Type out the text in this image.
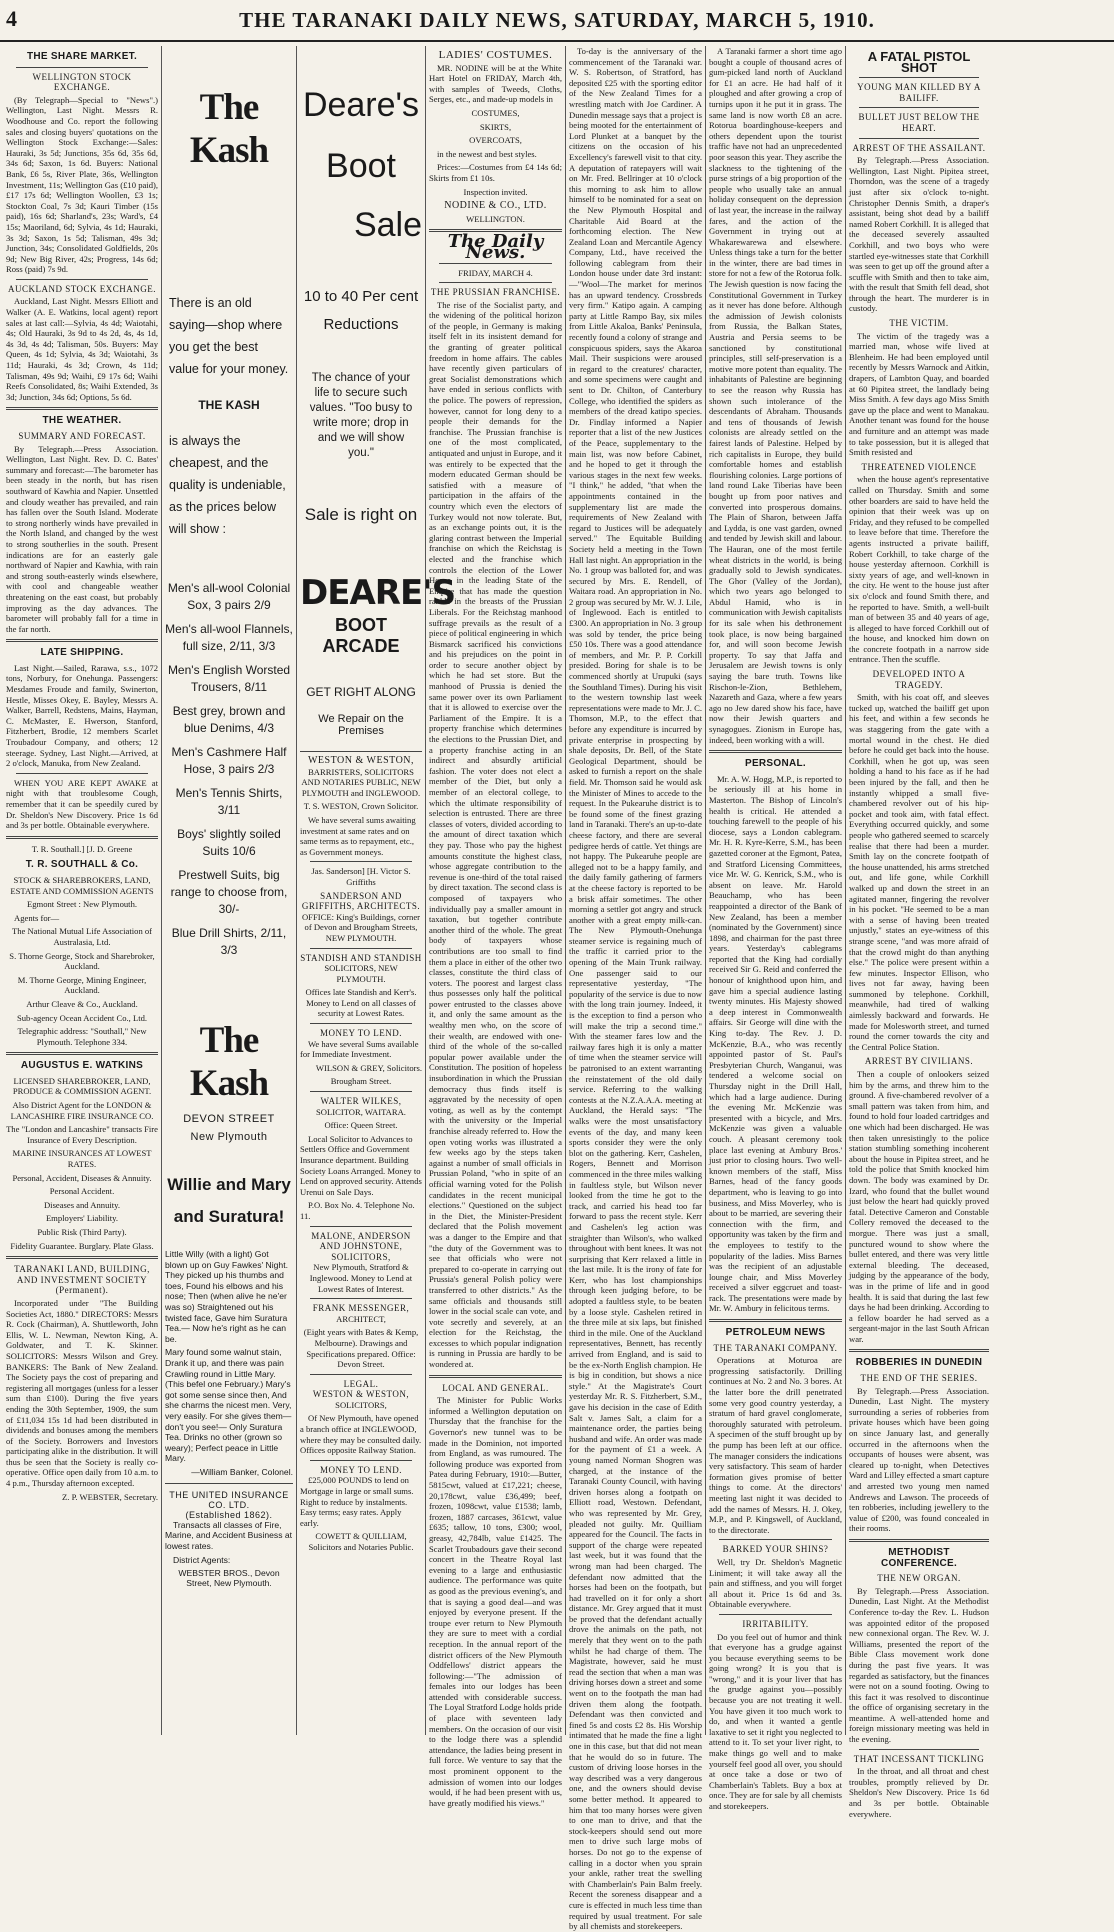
4	THE TARANAKI DAILY NEWS, SATURDAY, MARCH 5, 1910.
THE SHARE MARKET.
WELLINGTON STOCK EXCHANGE.

(By Telegraph—Special to "News".) Wellington, Last Night. Messrs R. Woodhouse and Co. report the following sales and closing buyers' quotations on the Wellington Stock Exchange:—Sales: Hauraki, 3s 5d; Junctions, 35s 6d, 35s 6d, 34s 6d; Saxon, 1s 6d. Buyers: National Bank, £6 5s, River Plate, 36s, Wellington Investment, 11s; Wellington Gas (£10 paid), £17 17s 6d; Wellington Woollen, £3 1s; Stockton Coal, 7s 3d; Kauri Timber (15s paid), 16s 6d; Sharland's, 23s; Ward's, £4 15s; Maoriland, 6d; Sylvia, 4s 1d; Hauraki, 3s 3d; Saxon, 1s 5d; Talisman, 49s 3d; Junction, 34s; Consolidated Goldfields, 20s 9d; New Big River, 42s; Progress, 14s 6d; Ross (paid) 7s 9d.

AUCKLAND STOCK EXCHANGE.

Auckland, Last Night. Messrs Elliott and Walker (A. E. Watkins, local agent) report sales at last call:—Sylvia, 4s 4d; Waiotahi, 4s; Old Hauraki, 3s 9d to 4s 2d, 4s, 4s 1d, 4s 3d, 4s 4d; Talisman, 50s. Buyers: May Queen, 4s 1d; Sylvia, 4s 3d; Waiotahi, 3s 11d; Hauraki, 4s 3d; Crown, 4s 11d; Talisman, 49s 9d; Waihi, £9 17s 6d; Waihi Reefs Consolidated, 8s; Waihi Extended, 3s 3d; Junction, 34s 6d; Options, 5s 6d.

THE WEATHER.
SUMMARY AND FORECAST.

By Telegraph.—Press Association. Wellington, Last Night. Rev. D. C. Bates' summary and forecast:—The barometer has been steady in the north, but has risen southward of Kawhia and Napier. Unsettled and cloudy weather has prevailed, and rain has fallen over the South Island. Moderate to strong northerly winds have prevailed in the North Island, and changed by the west to strong southerlies in the south. Present indications are for an easterly gale northward of Napier and Kawhia, with rain and strong south-easterly winds elsewhere, with cool and changeable weather threatening on the east coast, but probably improving as the day advances. The barometer will probably fall for a time in the far north.

LATE SHIPPING.

Last Night.—Sailed, Rarawa, s.s., 1072 tons, Norbury, for Onehunga. Passengers: Mesdames Froude and family, Swinerton, Hestle, Misses Okey, E. Bayley, Messrs A. Walker, Barrell, Redstens, Mains, Hayman, C. McMaster, E. Hwerson, Stanford, Fitzherbert, Brodie, 12 members Scarlet Troubadour Company, and others; 12 steerage. Sydney, Last Night.—Arrived, at 2 o'clock, Manuka, from New Zealand.

WHEN YOU ARE KEPT AWAKE at night with that troublesome Cough, remember that it can be speedily cured by Dr. Sheldon's New Discovery. Price 1s 6d and 3s per bottle. Obtainable everywhere.

T. R. Southall.] [J. D. Greene

T. R. SOUTHALL & Co.

STOCK & SHAREBROKERS, LAND, ESTATE AND COMMISSION AGENTS

Egmont Street : New Plymouth.

Agents for—

The National Mutual Life Association of Australasia, Ltd.

S. Thorne George, Stock and Sharebroker, Auckland.

M. Thorne George, Mining Engineer, Auckland.

Arthur Cleave & Co., Auckland.

Sub-agency Ocean Accident Co., Ltd.

Telegraphic address: "Southall," New Plymouth. Telephone 334.

AUGUSTUS E. WATKINS

LICENSED SHAREBROKER, LAND, PRODUCE & COMMISSION AGENT.

Also District Agent for the LONDON & LANCASHIRE FIRE INSURANCE CO.

The "London and Lancashire" transacts Fire Insurance of Every Description.

MARINE INSURANCES AT LOWEST RATES.

Personal, Accident, Diseases & Annuity.

Personal Accident.

Diseases and Annuity.

Employers' Liability.

Public Risk (Third Party).

Fidelity Guarantee. Burglary. Plate Glass.

TARANAKI LAND, BUILDING, AND INVESTMENT SOCIETY (Permanent).

Incorporated under "The Building Societies Act, 1880." DIRECTORS: Messrs R. Cock (Chairman), A. Shuttleworth, John Ellis, W. L. Newman, Newton King, A. Goldwater, and T. K. Skinner. SOLICITORS: Messrs Wilson and Grey. BANKERS: The Bank of New Zealand. The Society pays the cost of preparing and registering all mortgages (unless for a lesser sum than £100). During the five years ending the 30th September, 1909, the sum of £11,034 15s 1d had been distributed in dividends and bonuses among the members of the Society. Borrowers and Investors participating alike in the distribution. It will thus be seen that the Society is really co-operative. Office open daily from 10 a.m. to 4 p.m., Thursday afternoon excepted.

Z. P. WEBSTER, Secretary.

The Kash
There is an old saying—shop where you get the best value for your money.
THE KASH
is always the cheapest, and the quality is undeniable, as the prices below will show :
Men's all-wool Colonial Sox, 3 pairs 2/9
Men's all-wool Flannels, full size, 2/11, 3/3
Men's English Worsted Trousers, 8/11
Best grey, brown and blue Denims, 4/3
Men's Cashmere Half Hose, 3 pairs 2/3
Men's Tennis Shirts, 3/11
Boys' slightly soiled Suits 10/6
Prestwell Suits, big range to choose from, 30/-
Blue Drill Shirts, 2/11, 3/3
The Kash
DEVON STREET
New Plymouth
Willie and Mary and Suratura!

Little Willy (with a light) Got blown up on Guy Fawkes' Night. They picked up his thumbs and toes, Found his elbows and his nose; Then (when alive he ne'er was so) Straightened out his twisted face, Gave him Suratura Tea.— Now he's right as he can be.

Mary found some walnut stain, Drank it up, and there was pain Crawling round in Little Mary. (This befel one February.) Mary's got some sense since then, And she charms the nicest men. Very, very easily. For she gives them—don't you see!— Only Suratura Tea. Drinks no other (grown so weary); Perfect peace in Little Mary.

—William Banker, Colonel.

THE UNITED INSURANCE CO. LTD.
(Established 1862).

Transacts all classes of Fire, Marine, and Accident Business at lowest rates.

District Agents:

WEBSTER BROS., Devon Street, New Plymouth.

Deare's
Boot
Sale
10 to 40 Per cent Reductions
The chance of your life to secure such values. "Too busy to write more; drop in and we will show you."
Sale is right on
DEARE'S
BOOT ARCADE
GET RIGHT ALONG
We Repair on the Premises
WESTON & WESTON,

BARRISTERS, SOLICITORS AND NOTARIES PUBLIC, NEW PLYMOUTH and INGLEWOOD.

T. S. WESTON, Crown Solicitor.

We have several sums awaiting investment at same rates and on same terms as to repayment, etc., as Government moneys.

Jas. Sanderson] [H. Victor S. Griffiths

SANDERSON AND GRIFFITHS, ARCHITECTS.

OFFICE: King's Buildings, corner of Devon and Brougham Streets, NEW PLYMOUTH.

STANDISH AND STANDISH

SOLICITORS, NEW PLYMOUTH.

Offices late Standish and Kerr's. Money to Lend on all classes of security at Lowest Rates.

MONEY TO LEND.

We have several Sums available for Immediate Investment.

WILSON & GREY, Solicitors.

Brougham Street.

WALTER WILKES,

SOLICITOR, WAITARA.

Office: Queen Street.

Local Solicitor to Advances to Settlers Office and Government Insurance department. Building Society Loans Arranged. Money to Lend on approved security. Attends Urenui on Sale Days.

P.O. Box No. 4. Telephone No. 11.

MALONE, ANDERSON AND JOHNSTONE, SOLICITORS,

New Plymouth, Stratford & Inglewood. Money to Lend at Lowest Rates of Interest.

FRANK MESSENGER,

ARCHITECT,

(Eight years with Bates & Kemp, Melbourne). Drawings and Specifications prepared. Office: Devon Street.

LEGAL.
WESTON & WESTON,

SOLICITORS,

Of New Plymouth, have opened a branch office at INGLEWOOD, where they may be consulted daily. Offices opposite Railway Station.

MONEY TO LEND.

£25,000 POUNDS to lend on Mortgage in large or small sums. Right to reduce by instalments. Easy terms; easy rates. Apply early.

COWETT & QUILLIAM, Solicitors and Notaries Public.

LADIES' COSTUMES.

MR. NODINE will be at the White Hart Hotel on FRIDAY, March 4th, with samples of Tweeds, Cloths, Serges, etc., and made-up models in

COSTUMES,

SKIRTS,

OVERCOATS,

in the newest and best styles.

Prices:—Costumes from £4 14s 6d; Skirts from £1 10s.

Inspection invited.

NODINE & CO., LTD.

WELLINGTON.

The Daily News.

FRIDAY, MARCH 4.

THE PRUSSIAN FRANCHISE.

The rise of the Socialist party, and the widening of the political horizon of the people, in Germany is making itself felt in its insistent demand for the granting of greater political freedom in home affairs. The cables have recently given particulars of great Socialist demonstrations which have ended in serious conflicts with the police. The powers of repression, however, cannot for long deny to a people their demands for the franchise. The Prussian franchise is one of the most complicated, antiquated and unjust in Europe, and it was entirely to be expected that the modern educated German should be satisfied with a measure of participation in the affairs of the country which even the electors of Turkey would not now tolerate. But, as an exchange points out, it is the glaring contrast between the Imperial franchise on which the Reichstag is elected and the franchise which controls the election of the Lower House in the leading State of the Empire that has made the question rankle in the breasts of the Prussian Liberals. For the Reichstag manhood suffrage prevails as the result of a piece of political engineering in which Bismarck sacrificed his convictions and his prejudices on the point in order to secure another object by which he had set store. But the manhood of Prussia is denied the same power over its own Parliament that it is allowed to exercise over the Parliament of the Empire. It is a property franchise which determines the elections to the Prussian Diet, and a property franchise acting in an indirect and absurdly artificial fashion. The voter does not elect a member of the Diet, but only a member of an electoral college, to which the ultimate responsibility of selection is entrusted. There are three classes of voters, divided according to the amount of direct taxation which they pay. Those who pay the highest amounts constitute the highest class, whose aggregate contribution to the revenue is one-third of the total raised by direct taxation. The second class is composed of taxpayers who individually pay a smaller amount in taxation, but together contribute another third of the whole. The great body of taxpayers whose contributions are too small to find them a place in either of the other two classes, constitute the third class of voters. The poorest and largest class thus possesses only half the political power entrusted to the classes above it, and only the same amount as the wealthy men who, on the score of their wealth, are endowed with one-third of the whole of the so-called popular power available under the Constitution. The position of hopeless insubordination in which the Prussian democracy thus finds itself is aggravated by the necessity of open voting, as well as by the contempt with the university or the Imperial franchise already referred to. How the open voting works was illustrated a few weeks ago by the steps taken against a number of small officials in Prussian Poland, "who in spite of an official warning voted for the Polish candidates in the recent municipal elections." Questioned on the subject in the Diet, the Minister-President declared that the Polish movement was a danger to the Empire and that "the duty of the Government was to see that officials who were not prepared to co-operate in carrying out Prussia's general Polish policy were transferred to other districts." As the same officials and thousands still lower in the social scale can vote, and vote secretly and severely, at an election for the Reichstag, the excesses to which popular indignation is running in Prussia are hardly to be wondered at.

LOCAL AND GENERAL.

The Minister for Public Works informed a Wellington deputation on Thursday that the franchise for the Governor's new tunnel was to be made in the Dominion, not imported from England, as was rumoured. The following produce was exported from Patea during February, 1910:—Butter, 5815cwt, valued at £17,221; cheese, 20,178cwt, value £36,499; beef, frozen, 1098cwt, value £1538; lamb, frozen, 1887 carcases, 361cwt, value £635; tallow, 10 tons, £300; wool, greasy, 42,784lb, value £1425. The Scarlet Troubadours gave their second concert in the Theatre Royal last evening to a large and enthusiastic audience. The performance was quite as good as the previous evening's, and that is saying a good deal—and was enjoyed by everyone present. If the troupe ever return to New Plymouth they are sure to meet with a cordial reception. In the annual report of the district officers of the New Plymouth Oddfellows' district appears the following:—"The admission of females into our lodges has been attended with considerable success. The Loyal Stratford Lodge holds pride of place with seventeen lady members. On the occasion of our visit to the lodge there was a splendid attendance, the ladies being present in full force. We venture to say that the most prominent opponent to the admission of women into our lodges would, if he had been present with us, have greatly modified his views."

To-day is the anniversary of the commencement of the Taranaki war. W. S. Robertson, of Stratford, has deposited £25 with the sporting editor of the New Zealand Times for a wrestling match with Joe Cardiner. A Dunedin message says that a project is being mooted for the entertainment of Lord Plunket at a banquet by the citizens on the occasion of his Excellency's farewell visit to that city. A deputation of ratepayers will wait on Mr. Fred. Bellringer at 10 o'clock this morning to ask him to allow himself to be nominated for a seat on the New Plymouth Hospital and Charitable Aid Board at the forthcoming election. The New Zealand Loan and Mercantile Agency Company, Ltd., have received the following cablegram from their London house under date 3rd instant:—"Wool—The market for merinos has an upward tendency. Crossbreds very firm." Katipo again. A camping party at Little Rampo Bay, six miles from Little Akaloa, Banks' Peninsula, recently found a colony of strange and conspicuous spiders, says the Akaroa Mail. Their suspicions were aroused in regard to the creatures' character, and some specimens were caught and sent to Dr. Chilton, of Canterbury College, who identified the spiders as members of the dread katipo species. Dr. Findlay informed a Napier reporter that a list of the new Justices of the Peace, supplementary to the main list, was now before Cabinet, and he hoped to get it through the various stages in the next few weeks. "I think," he added, "that when the appointments contained in the supplementary list are made the requirements of New Zealand with regard to Justices will be adequately served." The Equitable Building Society held a meeting in the Town Hall last night. An appropriation in the No. 1 group was balloted for, and was secured by Mrs. E. Rendell, of Waitara road. An appropriation in No. 2 group was secured by Mr. W. J. Lile, of Inglewood. Each is entitled to £300. An appropriation in No. 3 group was sold by tender, the price being £50 10s. There was a good attendance of members, and Mr. P. P. Corkill presided. Boring for shale is to be commenced shortly at Urupuki (says the Southland Times). During his visit to the western township last week representations were made to Mr. J. C. Thomson, M.P., to the effect that before any expenditure is incurred by private enterprise in prospecting by shale deposits, Dr. Bell, of the State Geological Department, should be asked to furnish a report on the shale field. Mr. Thomson said he would ask the Minister of Mines to accede to the request. In the Pukearuhe district is to be found some of the finest grazing land in Taranaki. There's an up-to-date cheese factory, and there are several pedigree herds of cattle. Yet things are not happy. The Pukearuhe people are alleged not to be a happy family, and the daily family gathering of farmers at the cheese factory is reported to be a brisk affair sometimes. The other morning a settler got angry and struck another with a great empty milk-can. The New Plymouth-Onehunga steamer service is regaining much of the traffic it carried prior to the opening of the Main Trunk railway. One passenger said to our representative yesterday, "The popularity of the service is due to now with the long train journey. Indeed, it is the exception to find a person who will make the trip a second time." With the steamer fares low and the railway fares high it is only a matter of time when the steamer service will be patronised to an extent warranting the reinstatement of the old daily service. Referring to the walking contests at the N.Z.A.A.A. meeting at Auckland, the Herald says: "The walks were the most unsatisfactory events of the day, and many keen sports consider they were the only blot on the gathering. Kerr, Cashelen, Rogers, Bennett and Morrison commenced in the three miles walking in faultless style, but Wilson never looked from the time he got to the track, and carried his head too far forward to pass the recent style. Kerr and Cashelen's leg action was straighter than Wilson's, who walked throughout with bent knees. It was not surprising that Kerr relaxed a little in the last mile. It is the irony of fate for Kerr, who has lost championships through keen judging before, to be adopted a faultless style, to be beaten by a loose style. Cashelen retired in the three mile at six laps, but finished third in the mile. One of the Auckland representatives, Bennett, has recently arrived from England, and is said to be the ex-North English champion. He is big in condition, but shows a nice style." At the Magistrate's Court yesterday Mr. R. S. Fitzherbert, S.M., gave his decision in the case of Edith Salt v. James Salt, a claim for a maintenance order, the parties being husband and wife. An order was made for the payment of £1 a week. A young named Norman Shogren was charged, at the instance of the Taranaki County Council, with having driven horses along a footpath on Elliott road, Westown. Defendant, who was represented by Mr. Grey, pleaded not guilty. Mr. Quilliam appeared for the Council. The facts in support of the charge were repeated last week, but it was found that the wrong man had been charged. The defendant now admitted that the horses had been on the footpath, but had travelled on it for only a short distance. Mr. Grey argued that it must be proved that the defendant actually drove the animals on the path, not merely that they went on to the path whilst he had charge of them. The Magistrate, however, said he must read the section that when a man was driving horses down a street and some went on to the footpath the man had driven them along the footpath. Defendant was then convicted and fined 5s and costs £2 8s. His Worship intimated that he made the fine a light one in this case, but that did not mean that he would do so in future. The custom of driving loose horses in the way described was a very dangerous one, and the owners should devise some better method. It appeared to him that too many horses were given to one man to drive, and that the stock-keepers should send out more men to drive such large mobs of horses. Do not go to the expense of calling in a doctor when you sprain your ankle, rather treat the swelling with Chamberlain's Pain Balm freely. Recent the soreness disappear and a cure is effected in much less time than required by usual treatment. For sale by all chemists and storekeepers.

A Taranaki farmer a short time ago bought a couple of thousand acres of gum-picked land north of Auckland for £1 an acre. He had half of it ploughed and after growing a crop of turnips upon it he put it in grass. The same land is now worth £8 an acre. Rotorua boardinghouse-keepers and others dependent upon the tourist traffic have not had an unprecedented poor season this year. They ascribe the slackness to the tightening of the purse strings of a big proportion of the people who usually take an annual holiday consequent on the depression of last year, the increase in the railway fares, and the action of the Government in trying out at Whakarewarewa and elsewhere. Unless things take a turn for the better in the winter, there are bad times in store for not a few of the Rotorua folk. The Jewish question is now facing the Constitutional Government in Turkey as it never has done before. Although the admission of Jewish colonists from Russia, the Balkan States, Austria and Persia seems to be sanctioned by constitutional principles, still self-preservation is a motive more potent than equality. The inhabitants of Palestine are beginning to see the reason why Russia has shown such intolerance of the descendants of Abraham. Thousands and tens of thousands of Jewish colonists are already settled on the fairest lands of Palestine. Helped by rich capitalists in Europe, they build comfortable homes and establish flourishing colonies. Large portions of land round Lake Tiberias have been bought up from poor natives and converted into prosperous domains. The Plain of Sharon, between Jaffa and Lydda, is one vast garden, owned and tended by Jewish skill and labour. The Hauran, one of the most fertile wheat districts in the world, is being gradually sold to Jewish syndicates. The Ghor (Valley of the Jordan), which two years ago belonged to Abdul Hamid, who is in communication with Jewish capitalists for its sale when his dethronement took place, is now being bargained for, and will soon become Jewish property. To say that Jaffa and Jerusalem are Jewish towns is only saying the bare truth. Towns like Rischon-le-Zion, Bethlehem, Nazareth and Gaza, where a few years ago no Jew dared show his face, have now their Jewish quarters and synagogues. Zionism in Europe has, indeed, been working with a will.

PERSONAL.

Mr. A. W. Hogg, M.P., is reported to be seriously ill at his home in Masterton. The Bishop of Lincoln's health is critical. He attended a touching farewell to the people of his diocese, says a London cablegram. Mr. H. R. Kyre-Kerre, S.M., has been gazetted coroner at the Egmont, Patea, and Stratford Licensing Committees, vice Mr. W. G. Kenrick, S.M., who is absent on leave. Mr. Harold Beauchamp, who has been reappointed a director of the Bank of New Zealand, has been a member (nominated by the Government) since 1898, and chairman for the past three years. Yesterday's cablegrams reported that the King had cordially received Sir G. Reid and conferred the honour of knighthood upon him, and gave him a special audience lasting twenty minutes. His Majesty showed a deep interest in Commonwealth affairs. Sir George will dine with the King to-day. The Rev. J. D. McKenzie, B.A., who was recently appointed pastor of St. Paul's Presbyterian Church, Wanganui, was tendered a welcome social on Thursday night in the Drill Hall, which had a large audience. During the evening Mr. McKenzie was presented with a bicycle, and Mrs. McKenzie was given a valuable couch. A pleasant ceremony took place last evening at Ambury Bros.' just prior to closing hours. Two well-known members of the staff, Miss Barnes, head of the fancy goods department, who is leaving to go into business, and Miss Moverley, who is about to be married, are severing their connection with the firm, and opportunity was taken by the firm and the employees to testify to the popularity of the ladies. Miss Barnes was the recipient of an adjustable lounge chair, and Miss Moverley received a silver eggcruet and toast-rack. The presentations were made by Mr. W. Ambury in felicitous terms.

PETROLEUM NEWS
THE TARANAKI COMPANY.

Operations at Moturoa are progressing satisfactorily. Drilling continues at No. 2 and No. 3 bores. At the latter bore the drill penetrated some very good country yesterday, a stratum of hard gravel conglomerate, thoroughly saturated with petroleum. A specimen of the stuff brought up by the pump has been left at our office. The manager considers the indications very satisfactory. This seam of harder formation gives promise of better things to come. At the directors' meeting last night it was decided to add the names of Messrs. H. J. Okey, M.P., and P. Kingswell, of Auckland, to the directorate.

BARKED YOUR SHINS?

Well, try Dr. Sheldon's Magnetic Liniment; it will take away all the pain and stiffness, and you will forget all about it. Price 1s 6d and 3s. Obtainable everywhere.

IRRITABILITY.

Do you feel out of humor and think that everyone has a grudge against you because everything seems to be going wrong? It is you that is "wrong," and it is your liver that has the grudge against you—possibly because you are not treating it well. You have given it too much work to do, and when it wanted a gentle laxative to set it right you neglected to attend to it. To set your liver right, to make things go well and to make yourself feel good all over, you should at once take a dose or two of Chamberlain's Tablets. Buy a box at once. They are for sale by all chemists and storekeepers.

A FATAL PISTOL SHOT
YOUNG MAN KILLED BY A BAILIFF.
BULLET JUST BELOW THE HEART.
ARREST OF THE ASSAILANT.

By Telegraph.—Press Association. Wellington, Last Night. Pipitea street, Thorndon, was the scene of a tragedy just after six o'clock to-night. Christopher Dennis Smith, a draper's assistant, being shot dead by a bailiff named Robert Corkhill. It is alleged that the deceased severely assaulted Corkhill, and two boys who were startled eye-witnesses state that Corkhill was seen to get up off the ground after a scuffle with Smith and then to take aim, with the result that Smith fell dead, shot through the heart. The murderer is in custody.

THE VICTIM.

The victim of the tragedy was a married man, whose wife lived at Blenheim. He had been employed until recently by Messrs Warnock and Aitkin, drapers, of Lambton Quay, and boarded at 60 Pipitea street, the landlady being Miss Smith. A few days ago Miss Smith gave up the place and went to Manakau. Another tenant was found for the house and furniture and an attempt was made to take possession, but it is alleged that Smith resisted and

THREATENED VIOLENCE

when the house agent's representative called on Thursday. Smith and some other boarders are said to have held the opinion that their week was up on Friday, and they refused to be compelled to leave before that time. Therefore the agents instructed a private bailiff, Robert Corkhill, to take charge of the house yesterday afternoon. Corkhill is sixty years of age, and well-known in the city. He went to the house just after six o'clock and found Smith there, and he reported to have. Smith, a well-built man of between 35 and 40 years of age, is alleged to have forced Corkhill out of the house, and knocked him down on the concrete footpath in a narrow side entrance. Then the scuffle.

DEVELOPED INTO A TRAGEDY.

Smith, with his coat off, and sleeves tucked up, watched the bailiff get upon his feet, and within a few seconds he was staggering from the gate with a mortal wound in the chest. He died before he could get back into the house. Corkhill, when he got up, was seen holding a hand to his face as if he had been injured by the fall, and then he instantly whipped a small five-chambered revolver out of his hip-pocket and took aim, with fatal effect. Everything occurred quickly, and some people who gathered seemed to scarcely realise that there had been a murder. Smith lay on the concrete footpath of the house unattended, his arms stretched out, and life gone, while Corkhill walked up and down the street in an agitated manner, fingering the revolver in his pocket. "He seemed to be a man with a sense of having been treated unjustly," states an eye-witness of this strange scene, "and was more afraid of that the crowd might do than anything else." The police were present within a few minutes. Inspector Ellison, who lives not far away, having been summoned by telephone. Corkhill, meanwhile, had tired of walking aimlessly backward and forwards. He made for Molesworth street, and turned round the corner towards the city and the Central Police Station.

ARREST BY CIVILIANS.

Then a couple of onlookers seized him by the arms, and threw him to the ground. A five-chambered revolver of a small pattern was taken from him, and found to hold four loaded cartridges and one which had been discharged. He was then taken unresistingly to the police station stumbling something incoherent about the house in Pipitea street, and he told the police that Smith knocked him down. The body was examined by Dr. Izard, who found that the bullet wound just below the heart had quickly proved fatal. Detective Cameron and Constable Collery removed the deceased to the morgue. There was just a small, punctured wound to show where the bullet entered, and there was very little external bleeding. The deceased, judging by the appearance of the body, was in the prime of life and in good health. It is said that during the last few days he had been drinking. According to a fellow boarder he had served as a sergeant-major in the last South African war.

ROBBERIES IN DUNEDIN
THE END OF THE SERIES.

By Telegraph.—Press Association. Dunedin, Last Night. The mystery surrounding a series of robberies from private houses which have been going on since January last, and generally occurred in the afternoons when the occupants of houses were absent, was cleared up to-night, when Detectives Ward and Lilley effected a smart capture and arrested two young men named Andrews and Lawson. The proceeds of ten robberies, including jewellery to the value of £200, was found concealed in their rooms.

METHODIST CONFERENCE.
THE NEW ORGAN.

By Telegraph.—Press Association. Dunedin, Last Night. At the Methodist Conference to-day the Rev. L. Hudson was appointed editor of the proposed new connexional organ. The Rev. W. J. Williams, presented the report of the Bible Class movement work done during the past five years. It was regarded as satisfactory, but the finances were not on a sound footing. Owing to this fact it was resolved to discontinue the office of organising secretary in the meantime. A well-attended home and foreign missionary meeting was held in the evening.

THAT INCESSANT TICKLING

In the throat, and all throat and chest troubles, promptly relieved by Dr. Sheldon's New Discovery. Price 1s 6d and 3s per bottle. Obtainable everywhere.
